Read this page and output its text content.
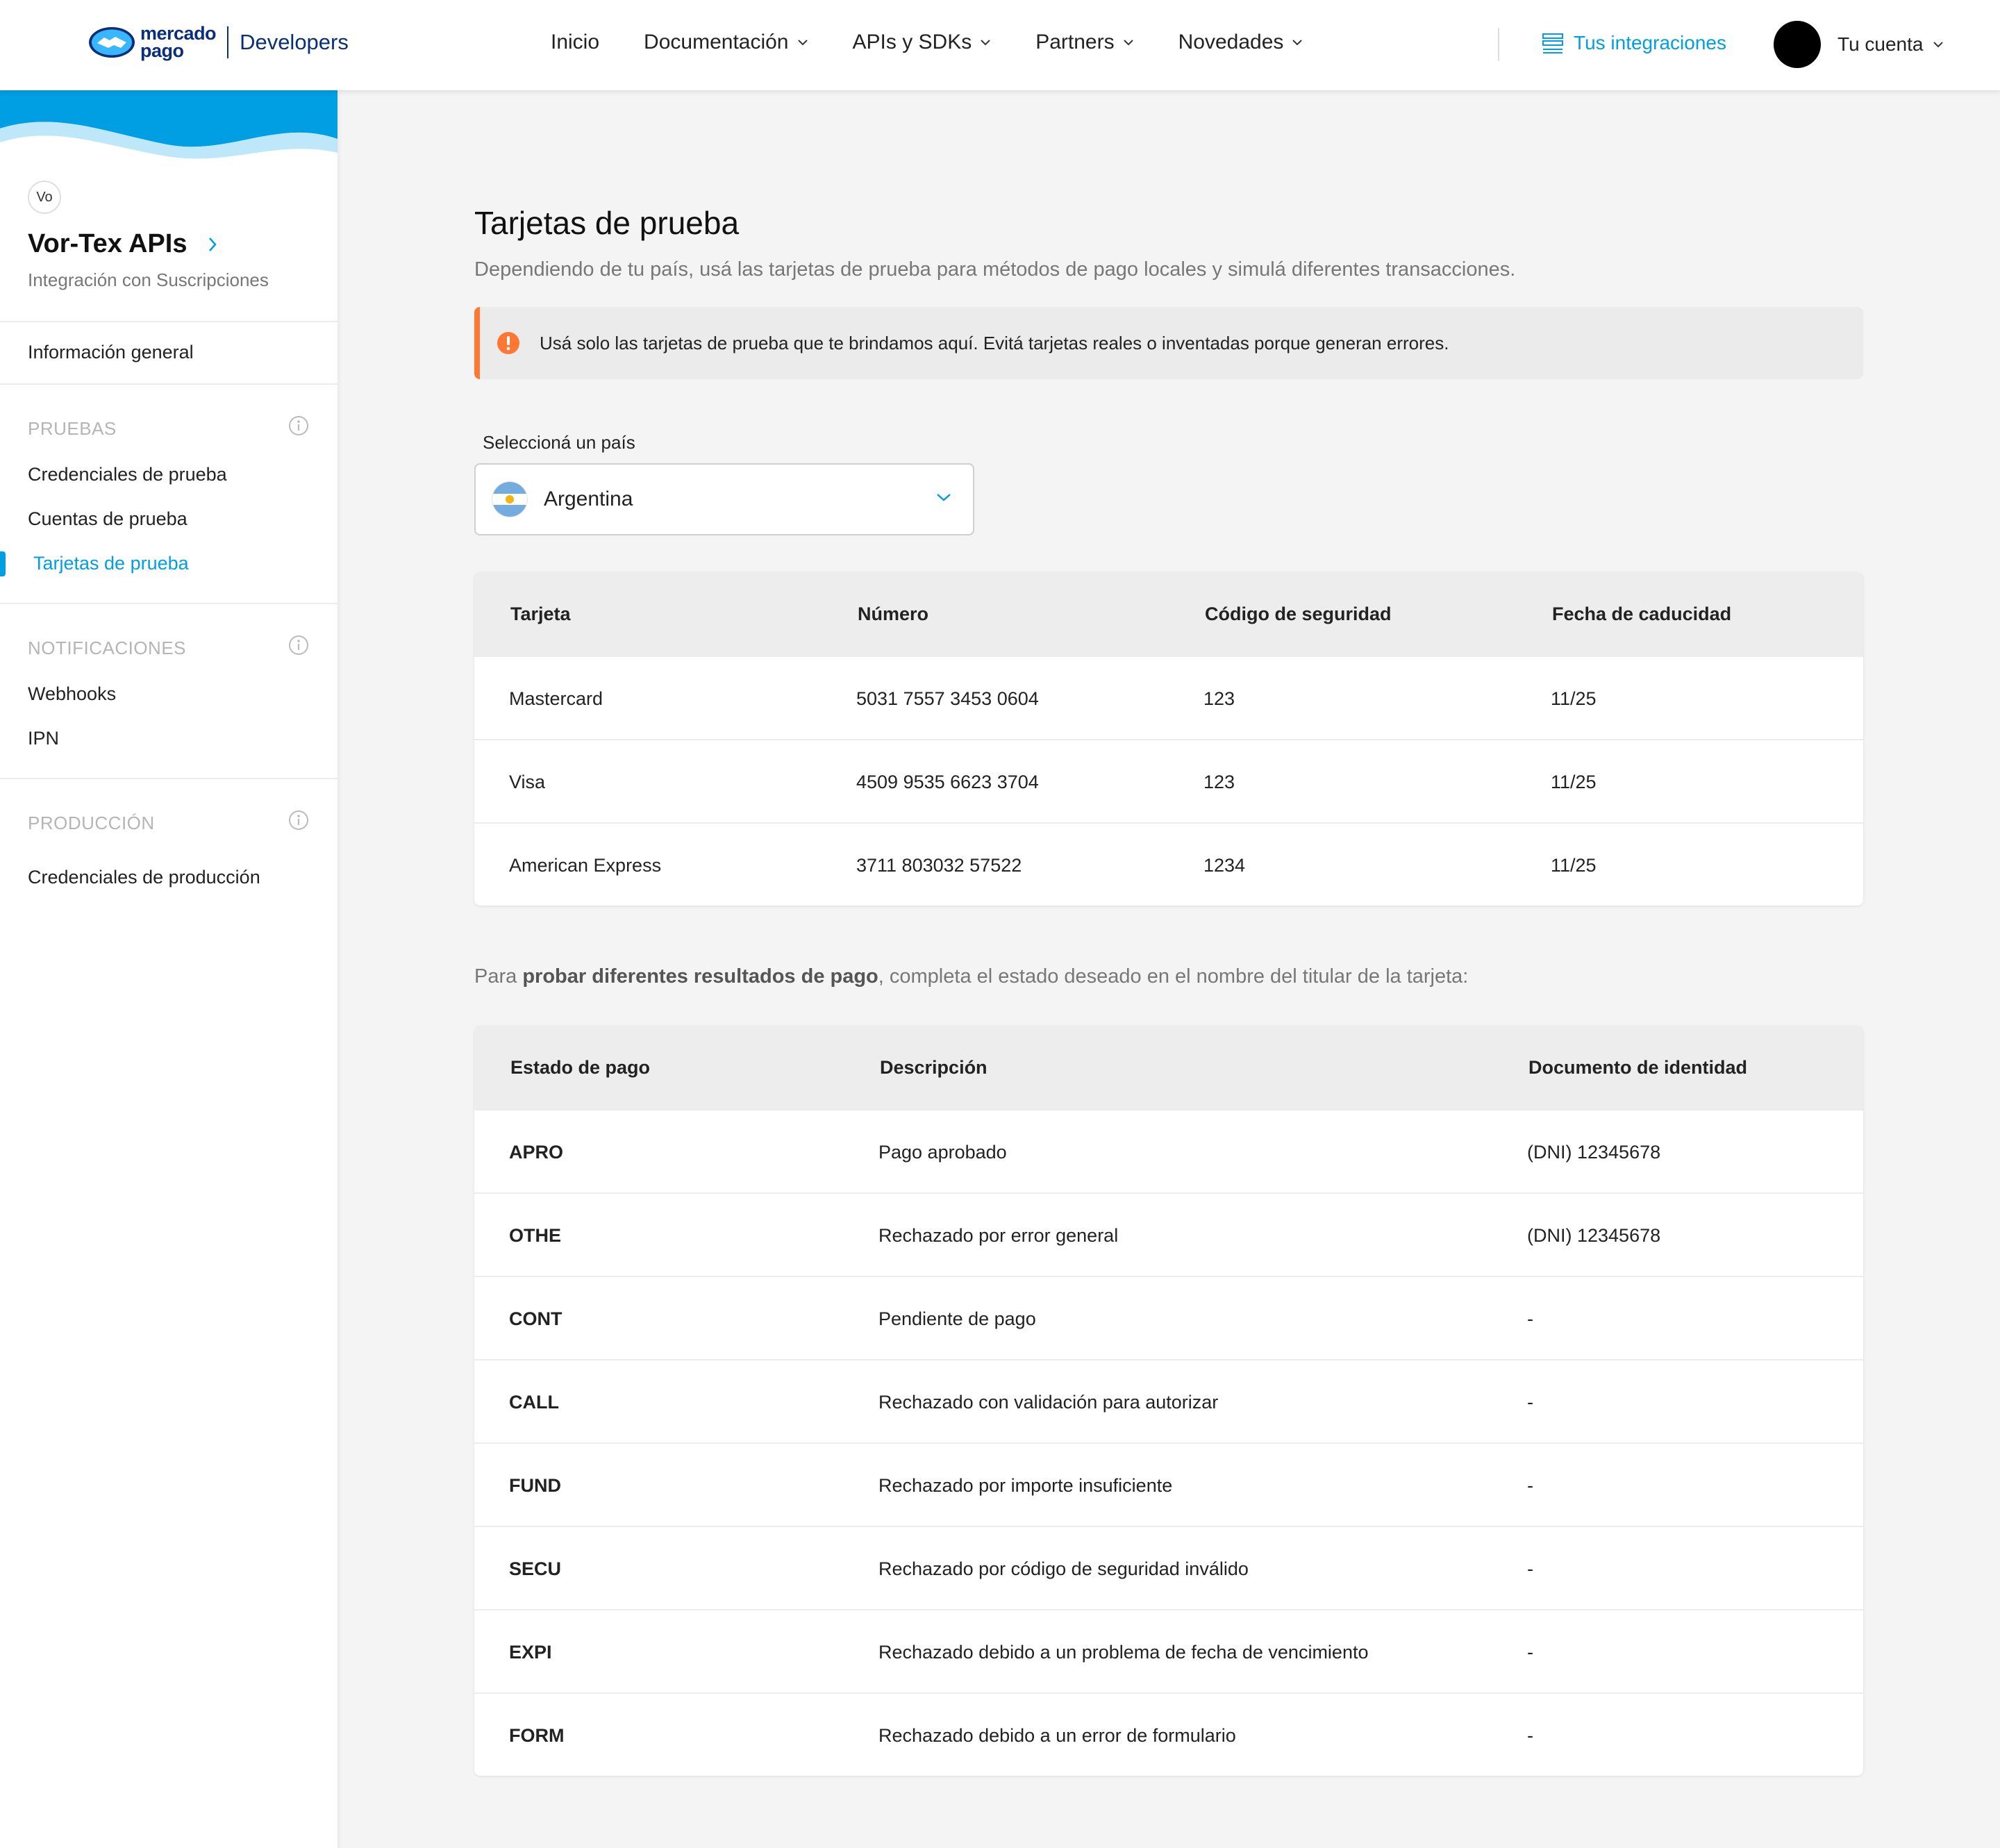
mercado
pago	Developers	Inicio Documentación	APIs y SDKs	Partners	Novedades	Tus integraciones	Tu cuenta
Vo
Vor-Tex APIs
Integración con Suscripciones
Información general
PRUEBAS
Credenciales de prueba
Cuentas de prueba
Tarjetas de prueba
NOTIFICACIONES
Webhooks
IPN
PRODUCCIÓN
Credenciales de producción
Tarjetas de prueba
Dependiendo de tu país, usá las tarjetas de prueba para métodos de pago locales y simulá diferentes transacciones.
Usá solo las tarjetas de prueba que te brindamos aquí. Evitá tarjetas reales o inventadas porque generan errores.
Seleccioná un país
Argentina
Tarjeta	Número	Código de seguridad	Fecha de caducidad
Mastercard	5031 7557 3453 0604	123	11/25
Visa	4509 9535 6623 3704	123	11/25
American Express	3711 803032 57522	1234	11/25
Para probar diferentes resultados de pago, completa el estado deseado en el nombre del titular de la tarjeta:
Estado de pago	Descripción	Documento de identidad
APRO	Pago aprobado	(DNI) 12345678
OTHE	Rechazado por error general	(DNI) 12345678
CONT	Pendiente de pago	-
CALL	Rechazado con validación para autorizar	-
FUND	Rechazado por importe insuficiente	-
SECU	Rechazado por código de seguridad inválido	-
EXPI	Rechazado debido a un problema de fecha de vencimiento	-
FORM	Rechazado debido a un error de formulario	-
